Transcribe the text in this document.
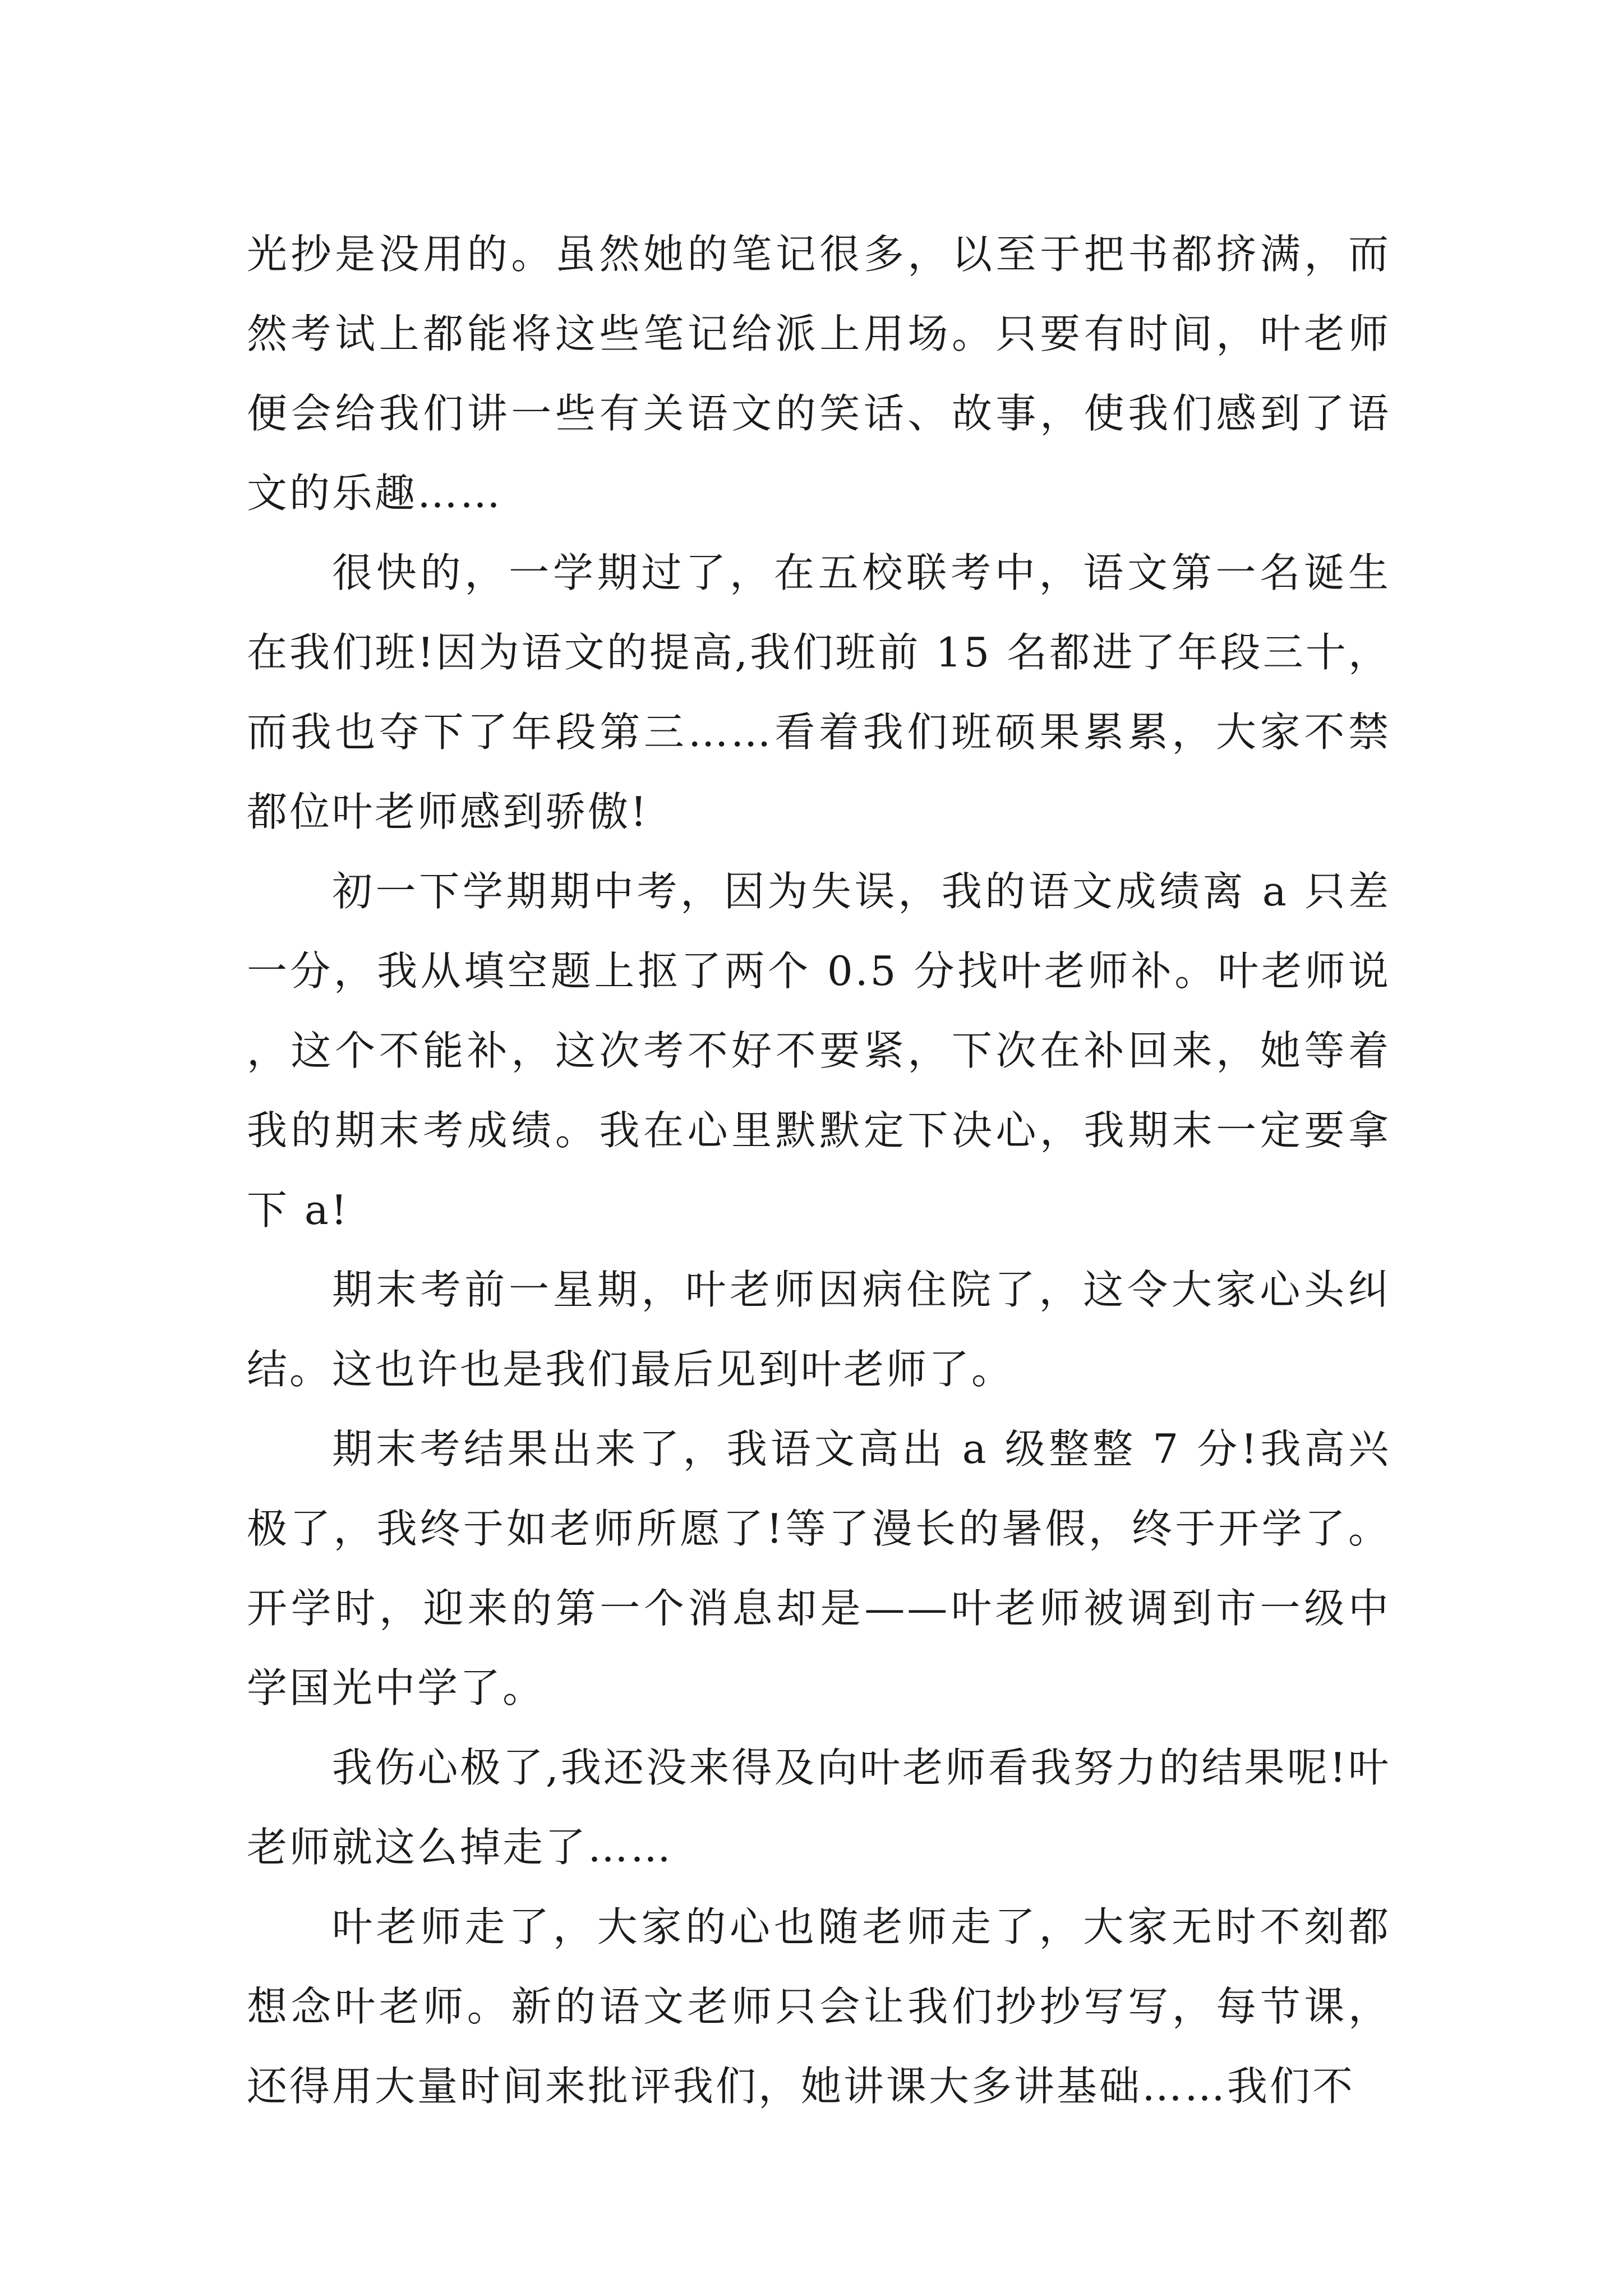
光抄是没用的。虽然她的笔记很多，以至于把书都挤满，而然考试上都能将这些笔记给派上用场。只要有时间，叶老师便会给我们讲一些有关语文的笑话、故事，使我们感到了语文的乐趣……

很快的，一学期过了，在五校联考中，语文第一名诞生在我们班!因为语文的提高,我们班前 15 名都进了年段三十，而我也夺下了年段第三……看着我们班硕果累累，大家不禁都位叶老师感到骄傲!

初一下学期期中考，因为失误，我的语文成绩离 a 只差一分，我从填空题上抠了两个 0.5 分找叶老师补。叶老师说，这个不能补，这次考不好不要紧，下次在补回来，她等着我的期末考成绩。我在心里默默定下决心，我期末一定要拿下 a!

期末考前一星期，叶老师因病住院了，这令大家心头纠结。这也许也是我们最后见到叶老师了。

期末考结果出来了，我语文高出 a 级整整 7 分!我高兴极了，我终于如老师所愿了!等了漫长的暑假，终于开学了。开学时，迎来的第一个消息却是——叶老师被调到市一级中学国光中学了。

我伤心极了,我还没来得及向叶老师看我努力的结果呢!叶老师就这么掉走了……

叶老师走了，大家的心也随老师走了，大家无时不刻都想念叶老师。新的语文老师只会让我们抄抄写写，每节课，还得用大量时间来批评我们，她讲课大多讲基础……我们不
